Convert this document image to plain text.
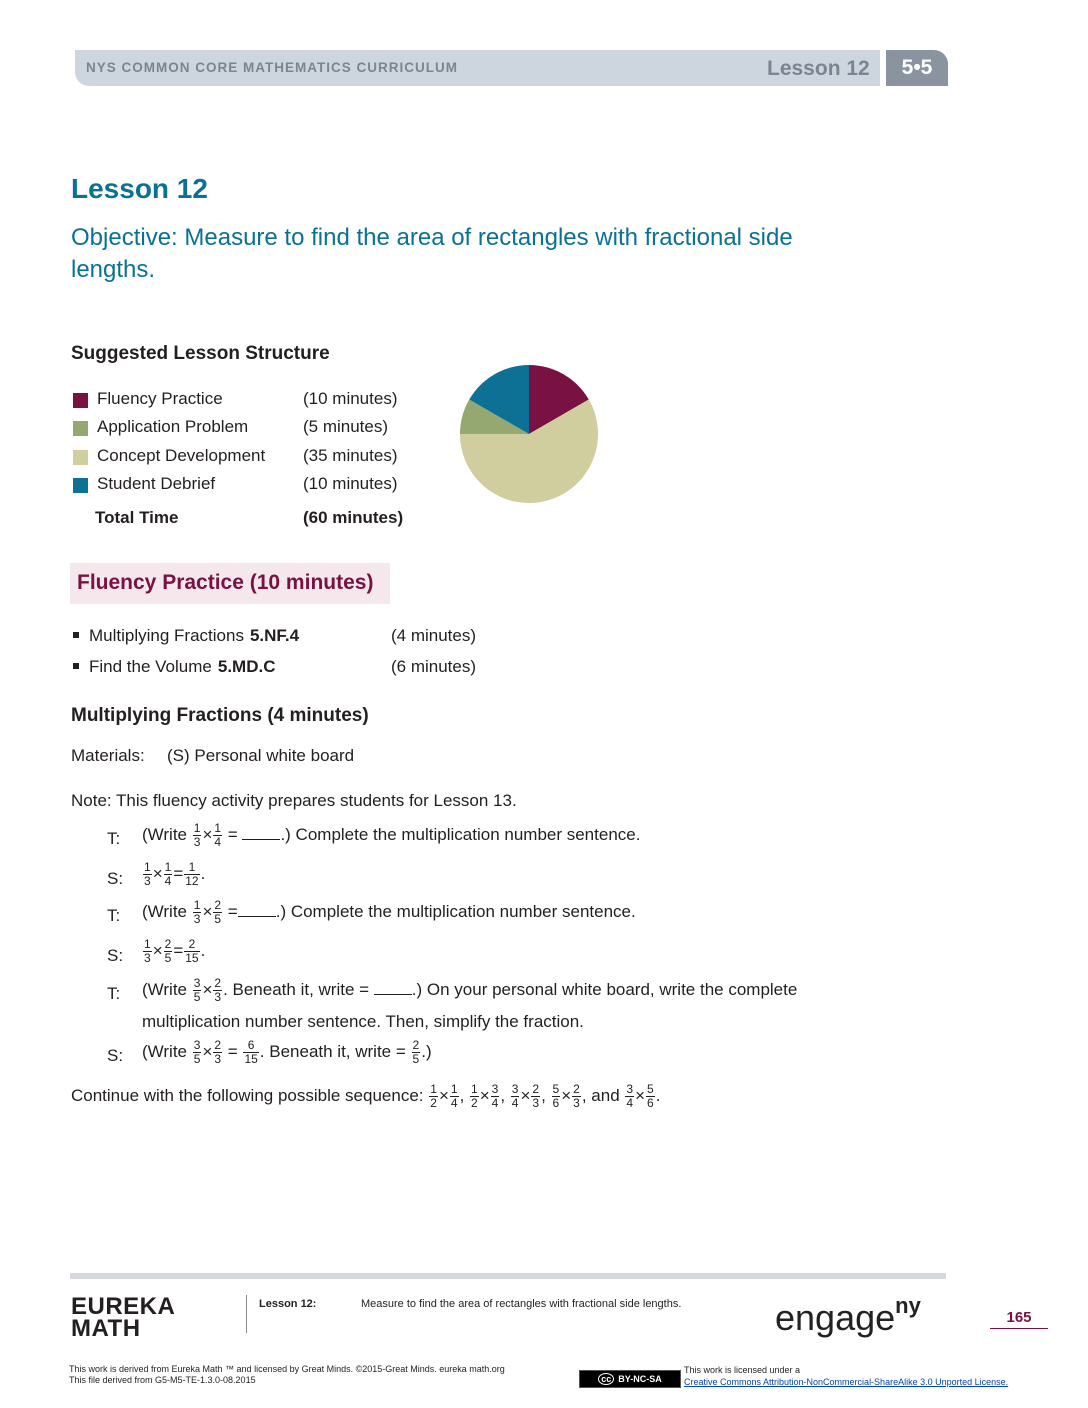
NYS COMMON CORE MATHEMATICS CURRICULUM	Lesson 12	5•5
Lesson 12
Objective: Measure to find the area of rectangles with fractional side
lengths.
Suggested Lesson Structure
Fluency Practice	(10 minutes)
Application Problem	(5 minutes)
Concept Development (35 minutes)
Student Debrief	(10 minutes)
Total Time	(60 minutes)
Fluency Practice (10 minutes)
Multiplying Fractions 5.NF.4	(4 minutes)
Find the Volume 5.MD.C	(6 minutes)
Multiplying Fractions (4 minutes)
Materials: (S) Personal white board
Note: This fluency activity prepares students for Lesson 13.
T: (Write $\frac{1}{3} \times \frac{1}{4}$ = .) Complete the multiplication number sentence.
S: $\frac{1}{3} \times \frac{1}{4} = \frac{1}{12}$ .
T: (Write $\frac{1}{3} \times \frac{2}{5}$ = .) Complete the multiplication number sentence.
S: $\frac{1}{3} \times \frac{2}{5} = \frac{2}{15}$ .
T: (Write $\frac{3}{5} \times \frac{2}{3}$ . Beneath it, write =	.) On your personal white board, write the complete
multiplication number sentence. Then, simplify the fraction.
S: (Write $\frac{3}{5} \times \frac{2}{3} = \frac{6}{15}$ . Beneath it, write = $\frac{2}{5}$ .)
Continue with the following possible sequence: $\frac{1}{2} \times \frac{1}{4}$ , $\frac{1}{2} \times \frac{3}{4}$ , $\frac{3}{4} \times \frac{2}{3}$ , $\frac{5}{6} \times \frac{2}{3}$ , and $\frac{3}{4} \times \frac{5}{6}$ .
EUREKA
MATH
Lesson 12:	Measure to find the area of rectangles with fractional side lengths.	engage$^{ny}$	165
This work is derived from Eureka Math ™ and licensed by Great Minds. ©2015-Great Minds. eureka math.org
This file derived from G5-M5-TE-1.3.0-08.2015	cc BY-NC-SA
This work is licensed under a
Creative Commons Attribution-NonCommercial-ShareAlike 3.0 Unported License.
